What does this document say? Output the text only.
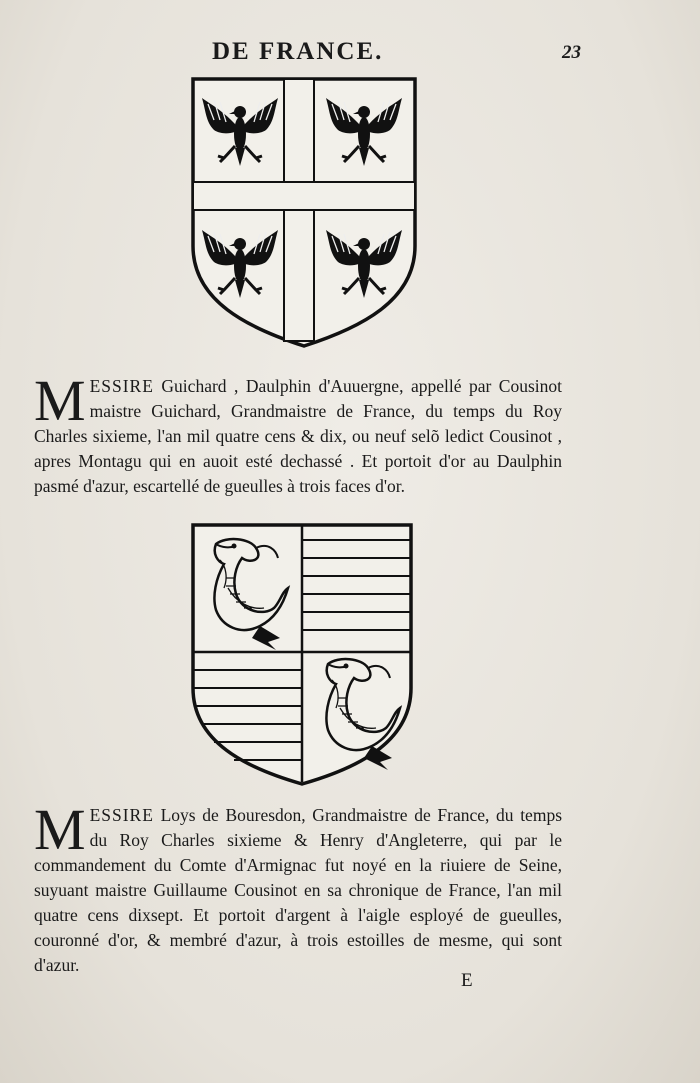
DE FRANCE.	23
M ESSIRE Guichard , Daulphin d'Auuergne, appellé par Cousinot maistre Guichard, Grandmaistre de France, du temps du Roy Charles sixieme, l'an mil quatre cens & dix, ou neuf selõ ledict Cousinot , apres Montagu qui en auoit esté dechassé . Et portoit d'or au Daulphin pasmé d'azur, escartellé de gueulles à trois faces d'or.
M ESSIRE Loys de Bouresdon, Grandmaistre de France, du temps du Roy Charles sixieme & Henry d'Angleterre, qui par le commandement du Comte d'Armignac fut noyé en la riuiere de Seine, suyuant maistre Guillaume Cousinot en sa chronique de France, l'an mil quatre cens dixsept. Et portoit d'argent à l'aigle esployé de gueulles, couronné d'or, & membré d'azur, à trois estoilles de mesme, qui sont d'azur.
E
